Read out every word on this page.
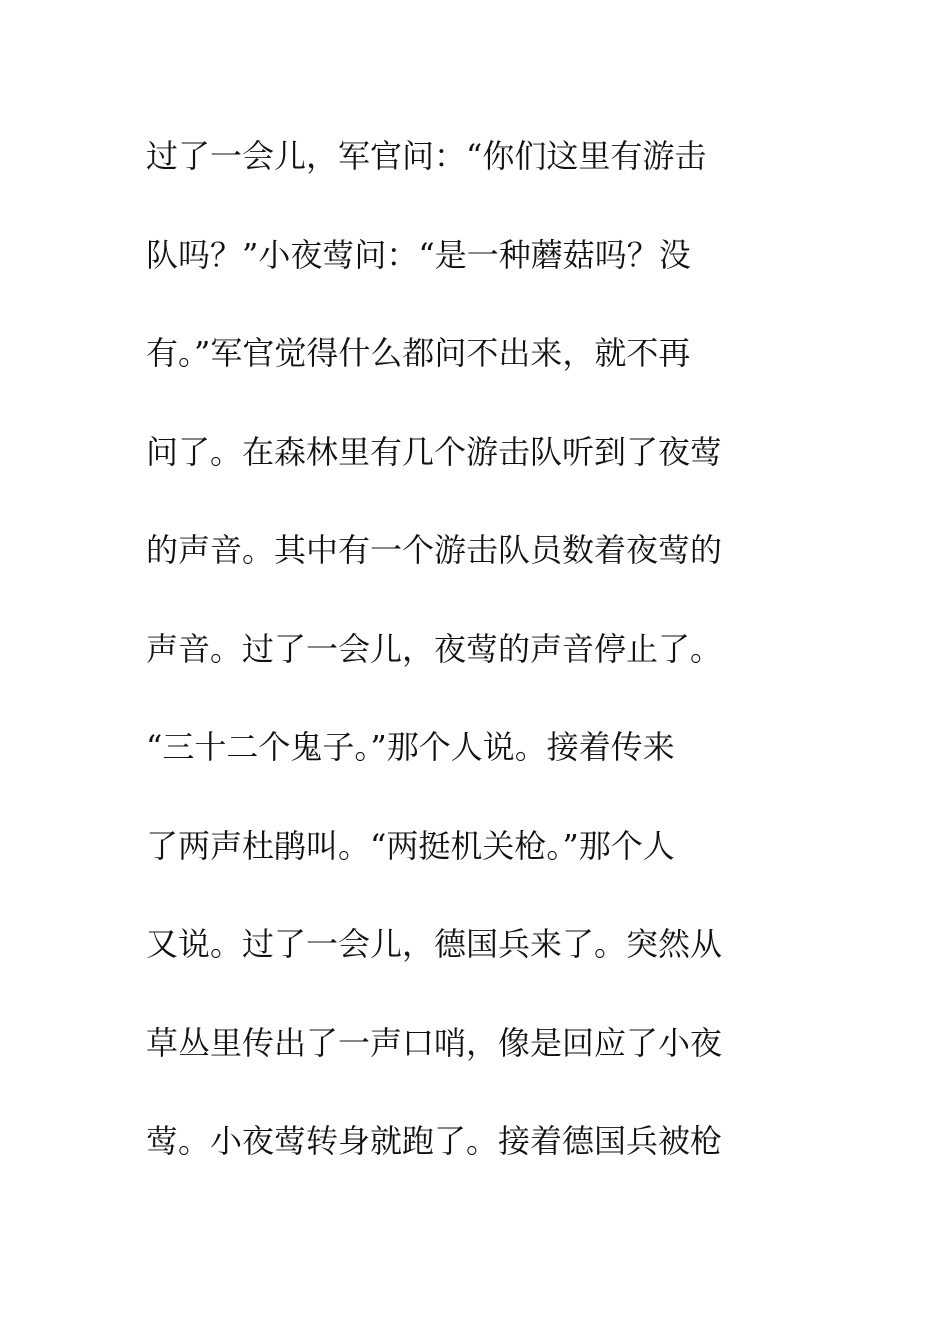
过了一会儿，军官问：“你们这里有游击
队吗？”小夜莺问：“是一种蘑菇吗？没
有。”军官觉得什么都问不出来，就不再
问了。在森林里有几个游击队听到了夜莺
的声音。其中有一个游击队员数着夜莺的
声音。过了一会儿，夜莺的声音停止了。
“三十二个鬼子。”那个人说。接着传来
了两声杜鹃叫。“两挺机关枪。”那个人
又说。过了一会儿，德国兵来了。突然从
草丛里传出了一声口哨，像是回应了小夜
莺。小夜莺转身就跑了。接着德国兵被枪
